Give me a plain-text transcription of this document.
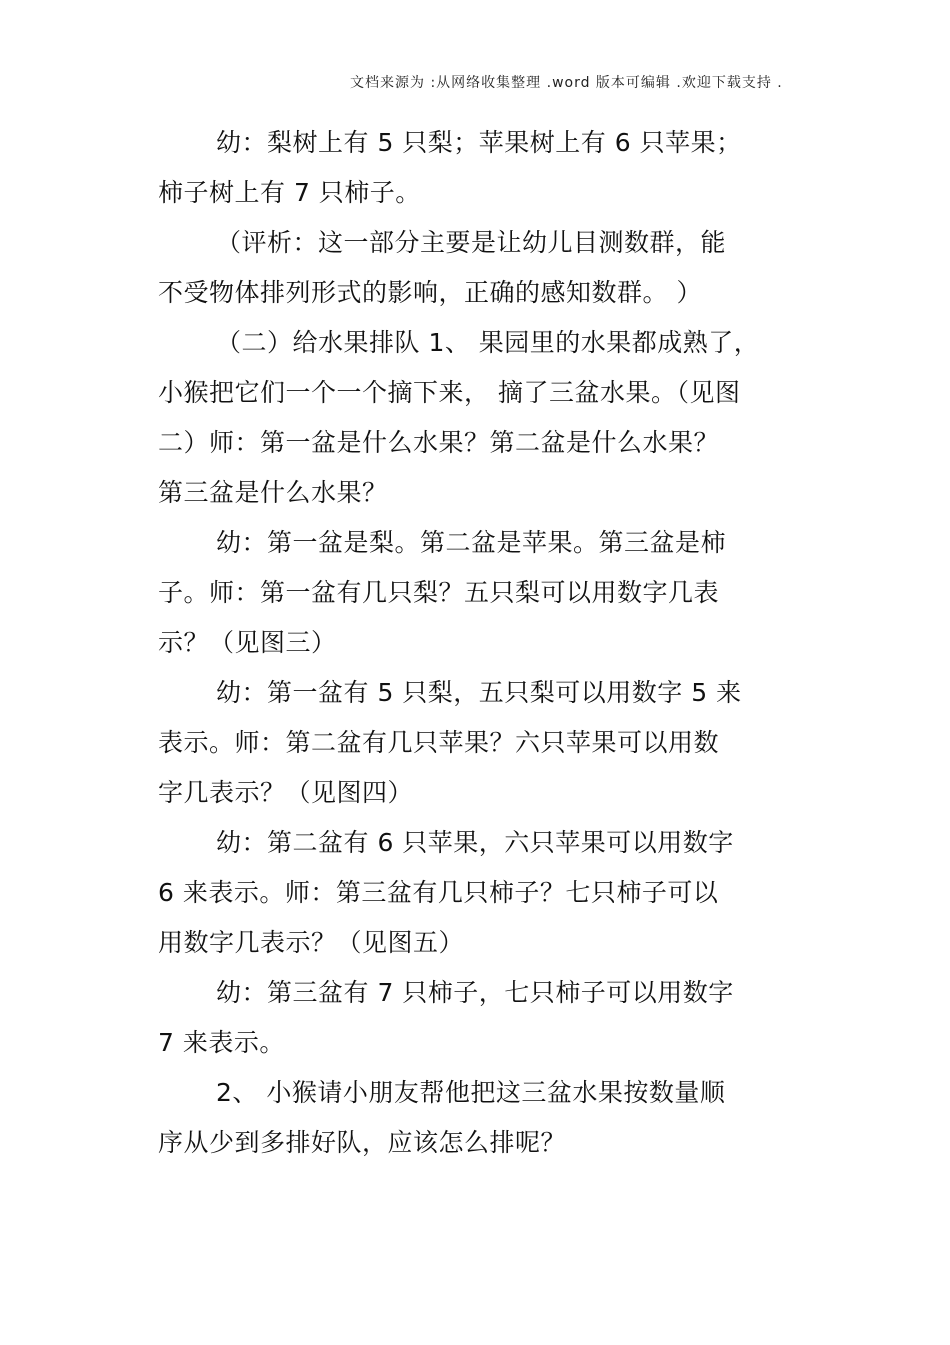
文档来源为 :从网络收集整理 .word 版本可编辑 .欢迎下载支持 .
幼：梨树上有 5 只梨；苹果树上有 6 只苹果；
柿子树上有 7 只柿子。
（评析：这一部分主要是让幼儿目测数群，能
不受物体排列形式的影响，正确的感知数群。 ）
（二）给水果排队 1、 果园里的水果都成熟了，
小猴把它们一个一个摘下来， 摘了三盆水果。（见图
二）师：第一盆是什么水果？第二盆是什么水果？
第三盆是什么水果？
幼：第一盆是梨。第二盆是苹果。第三盆是柿
子。师：第一盆有几只梨？五只梨可以用数字几表
示？（见图三）
幼：第一盆有 5 只梨，五只梨可以用数字 5 来
表示。师：第二盆有几只苹果？六只苹果可以用数
字几表示？（见图四）
幼：第二盆有 6 只苹果，六只苹果可以用数字
6 来表示。师：第三盆有几只柿子？七只柿子可以
用数字几表示？（见图五）
幼：第三盆有 7 只柿子，七只柿子可以用数字
7 来表示。
2、 小猴请小朋友帮他把这三盆水果按数量顺
序从少到多排好队，应该怎么排呢？
